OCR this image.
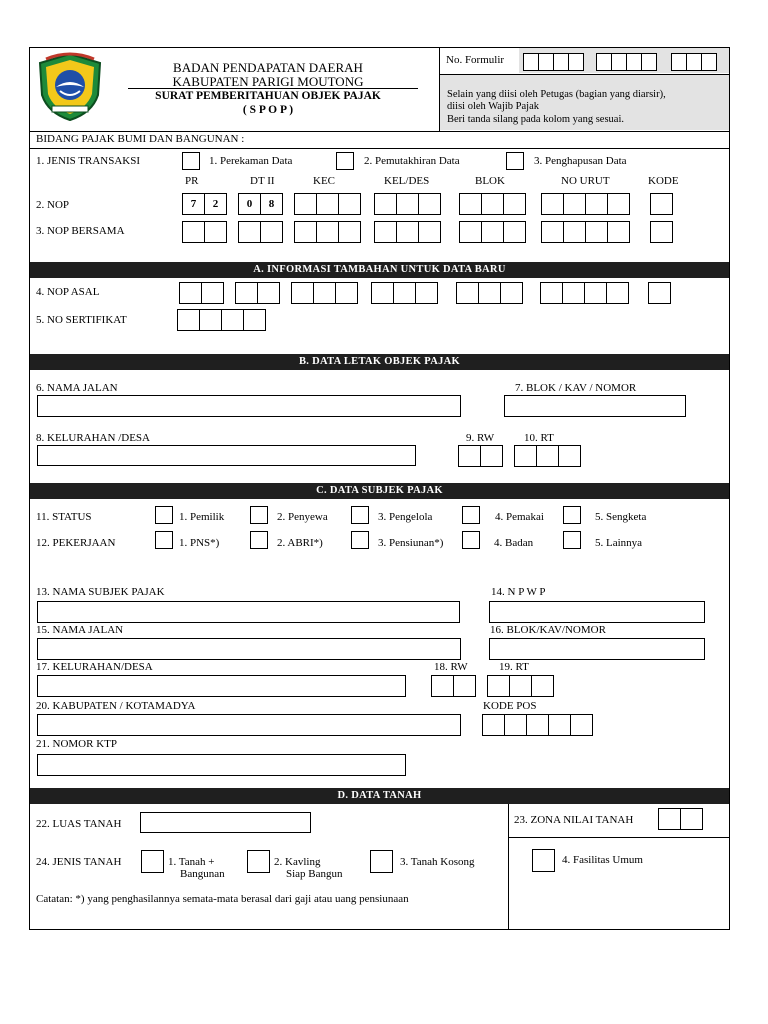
BADAN PENDAPATAN DAERAH
KABUPATEN PARIGI MOUTONG
SURAT PEMBERITAHUAN OBJEK PAJAK
( S P O P )
No. Formulir
Selain yang diisi oleh Petugas (bagian yang diarsir),
diisi oleh Wajib Pajak
Beri tanda silang pada kolom yang sesuai.
BIDANG PAJAK BUMI DAN BANGUNAN :
1. JENIS TRANSAKSI	1. Perekaman Data	2. Pemutakhiran Data	3. Penghapusan Data
PR	DT II	KEC	KEL/DES	BLOK	NO URUT	KODE
2. NOP	7	2	0	8
3. NOP BERSAMA
A. INFORMASI TAMBAHAN UNTUK DATA BARU
4. NOP ASAL
5. NO SERTIFIKAT
B. DATA LETAK OBJEK PAJAK
6. NAMA JALAN	7. BLOK / KAV / NOMOR
8. KELURAHAN /DESA	9. RW	10. RT
C. DATA SUBJEK PAJAK
11. STATUS	1. Pemilik	2. Penyewa	3. Pengelola	4. Pemakai	5. Sengketa
12. PEKERJAAN	1. PNS*)	2. ABRI*)	3. Pensiunan*)	4. Badan	5. Lainnya
13. NAMA SUBJEK PAJAK	14. N P W P
15. NAMA JALAN	16. BLOK/KAV/NOMOR
17. KELURAHAN/DESA	18. RW	19. RT
20. KABUPATEN / KOTAMADYA	KODE POS
21. NOMOR KTP
D. DATA TANAH
22. LUAS TANAH	23. ZONA NILAI TANAH
24. JENIS TANAH	1. Tanah +
Bangunan
2. Kavling
Siap Bangun
3. Tanah Kosong	4. Fasilitas Umum
Catatan: *) yang penghasilannya semata-mata berasal dari gaji atau uang pensiunaan
